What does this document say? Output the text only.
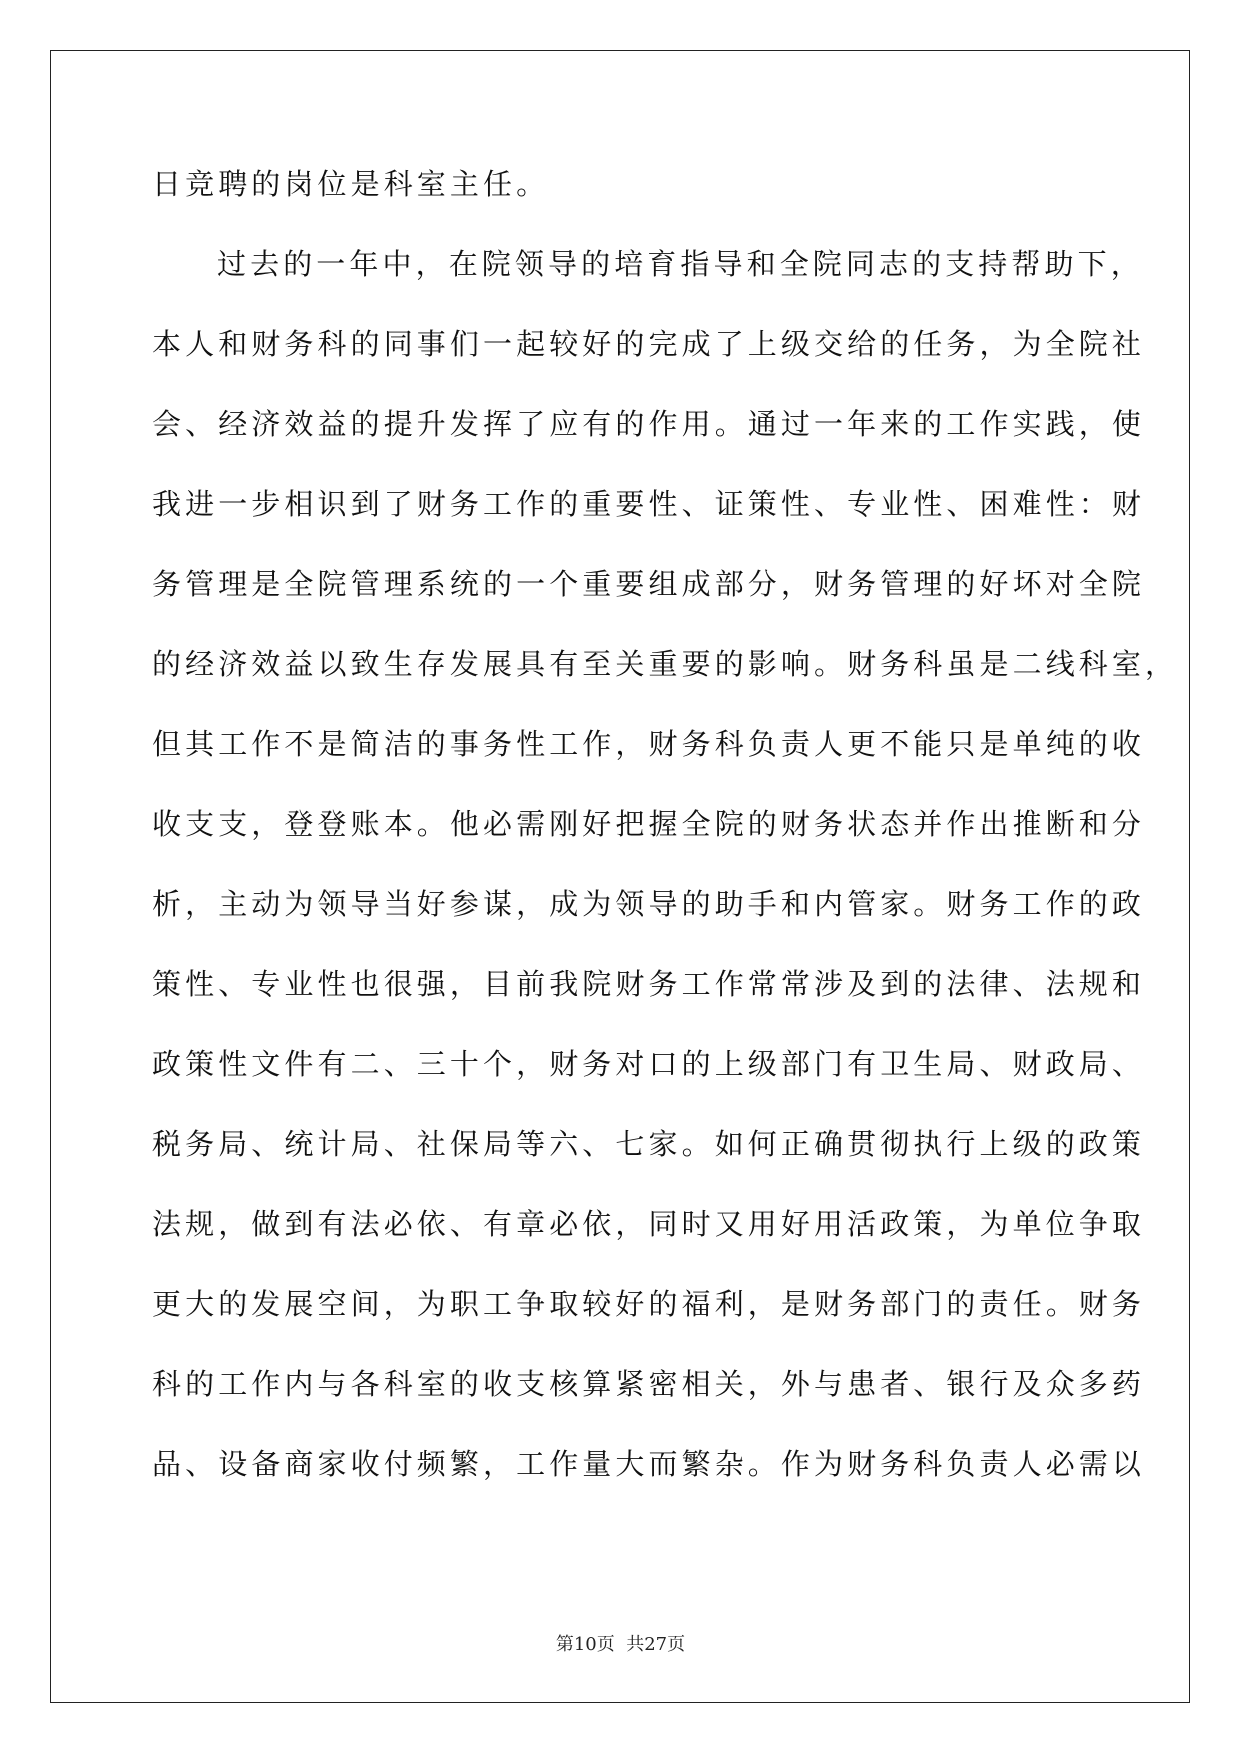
日竞聘的岗位是科室主任。
过去的一年中，在院领导的培育指导和全院同志的支持帮助下，
本人和财务科的同事们一起较好的完成了上级交给的任务，为全院社
会、经济效益的提升发挥了应有的作用。通过一年来的工作实践，使
我进一步相识到了财务工作的重要性、证策性、专业性、困难性：财
务管理是全院管理系统的一个重要组成部分，财务管理的好坏对全院
的经济效益以致生存发展具有至关重要的影响。财务科虽是二线科室，
但其工作不是简洁的事务性工作，财务科负责人更不能只是单纯的收
收支支，登登账本。他必需刚好把握全院的财务状态并作出推断和分
析，主动为领导当好参谋，成为领导的助手和内管家。财务工作的政
策性、专业性也很强，目前我院财务工作常常涉及到的法律、法规和
政策性文件有二、三十个，财务对口的上级部门有卫生局、财政局、
税务局、统计局、社保局等六、七家。如何正确贯彻执行上级的政策
法规，做到有法必依、有章必依，同时又用好用活政策，为单位争取
更大的发展空间，为职工争取较好的福利，是财务部门的责任。财务
科的工作内与各科室的收支核算紧密相关，外与患者、银行及众多药
品、设备商家收付频繁，工作量大而繁杂。作为财务科负责人必需以
第10页  共27页
